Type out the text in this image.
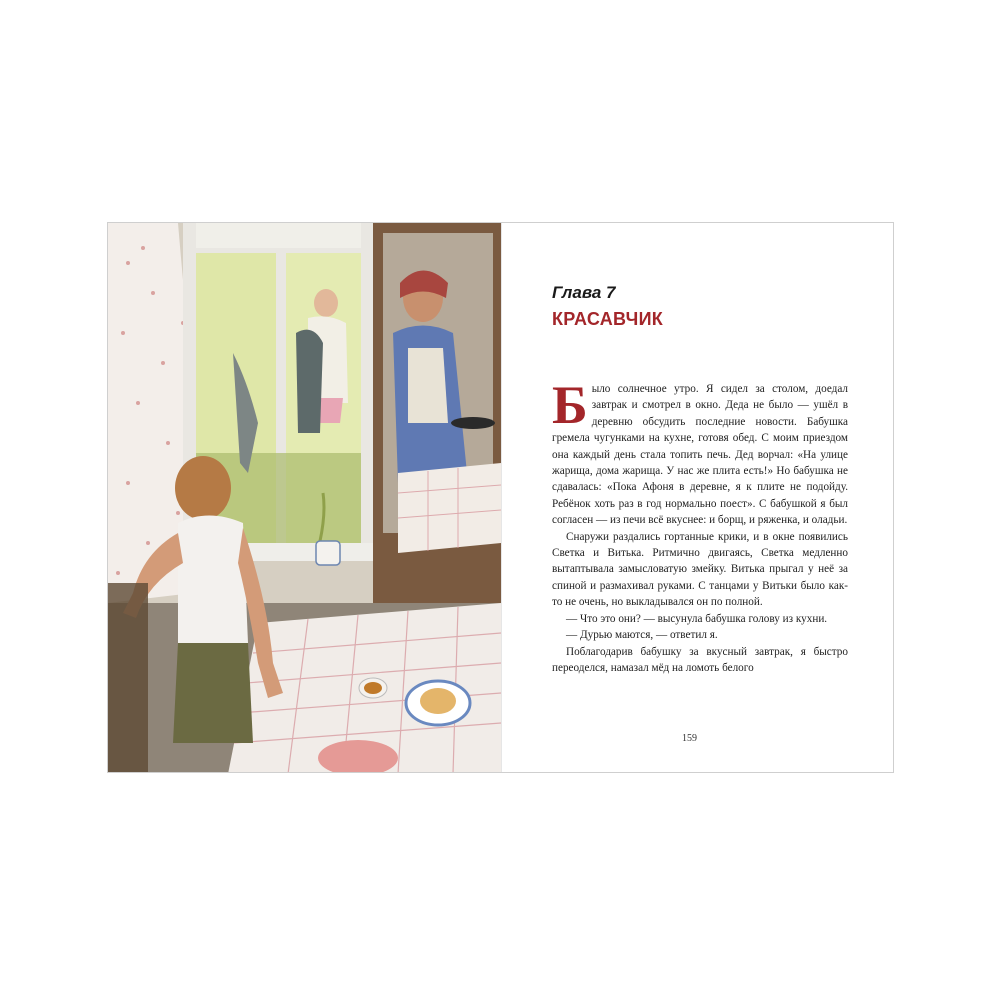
Глава 7
КРАСАВЧИК

Было солнечное утро. Я сидел за столом, доедал завтрак и смотрел в окно. Деда не было — ушёл в деревню обсудить последние новости. Бабушка гремела чугунками на кухне, готовя обед. С моим приездом она каждый день стала топить печь. Дед ворчал: «На улице жарища, дома жарища. У нас же плита есть!» Но бабушка не сдавалась: «Пока Афоня в деревне, я к плите не подойду. Ребёнок хоть раз в год нормально поест». С бабушкой я был согласен — из печи всё вкуснее: и борщ, и ряженка, и оладьи.

Снаружи раздались гортанные крики, и в окне появились Светка и Витька. Ритмично двигаясь, Светка медленно вытаптывала замысловатую змейку. Витька прыгал у неё за спиной и размахивал руками. С танцами у Витьки было как-то не очень, но выкладывался он по полной.

— Что это они? — высунула бабушка голову из кухни.

— Дурью маются, — ответил я.

Поблагодарив бабушку за вкусный завтрак, я быстро переоделся, намазал мёд на ломоть белого

159
